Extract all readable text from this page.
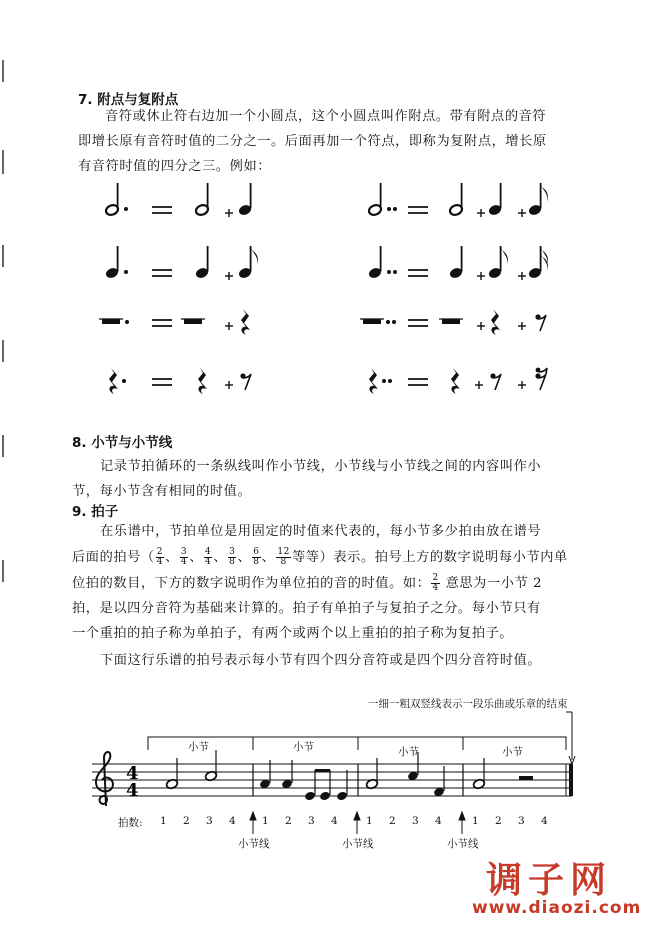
7. 附点与复附点
音符或休止符右边加一个小圆点，这个小圆点叫作附点。带有附点的音符
即增长原有音符时值的二分之一。后面再加一个符点，即称为复附点，增长原
有音符时值的四分之三。例如：
8. 小节与小节线
记录节拍循环的一条纵线叫作小节线，小节线与小节线之间的内容叫作小
节，每小节含有相同的时值。
9. 拍子
在乐谱中，节拍单位是用固定的时值来代表的，每小节多少拍由放在谱号
后面的拍号（ $\frac{2}{4}$ 、 $\frac{3}{4}$ 、 $\frac{4}{4}$ 、 $\frac{3}{8}$ 、 $\frac{6}{8}$ 、 $\frac{12}{8}$ 等等）表示。拍号上方的数字说明每小节内单
位拍的数目，下方的数字说明作为单位拍的音的时值。如： $\frac{2}{4}$ 意思为一小节 2
拍，是以四分音符为基础来计算的。拍子有单拍子与复拍子之分。每小节只有
一个重拍的拍子称为单拍子，有两个或两个以上重拍的拍子称为复拍子。
下面这行乐谱的拍号表示每小节有四个四分音符或是四个四分音符时值。
一细一粗双竖线表示一段乐曲或乐章的结束
4
4
小节	小节	小节	小节
拍数: 1 2 3 4	1 2 3 4	1 2 3 4	1 2 3 4
小节线	小节线	小节线
调子网
www.diaozi.com
